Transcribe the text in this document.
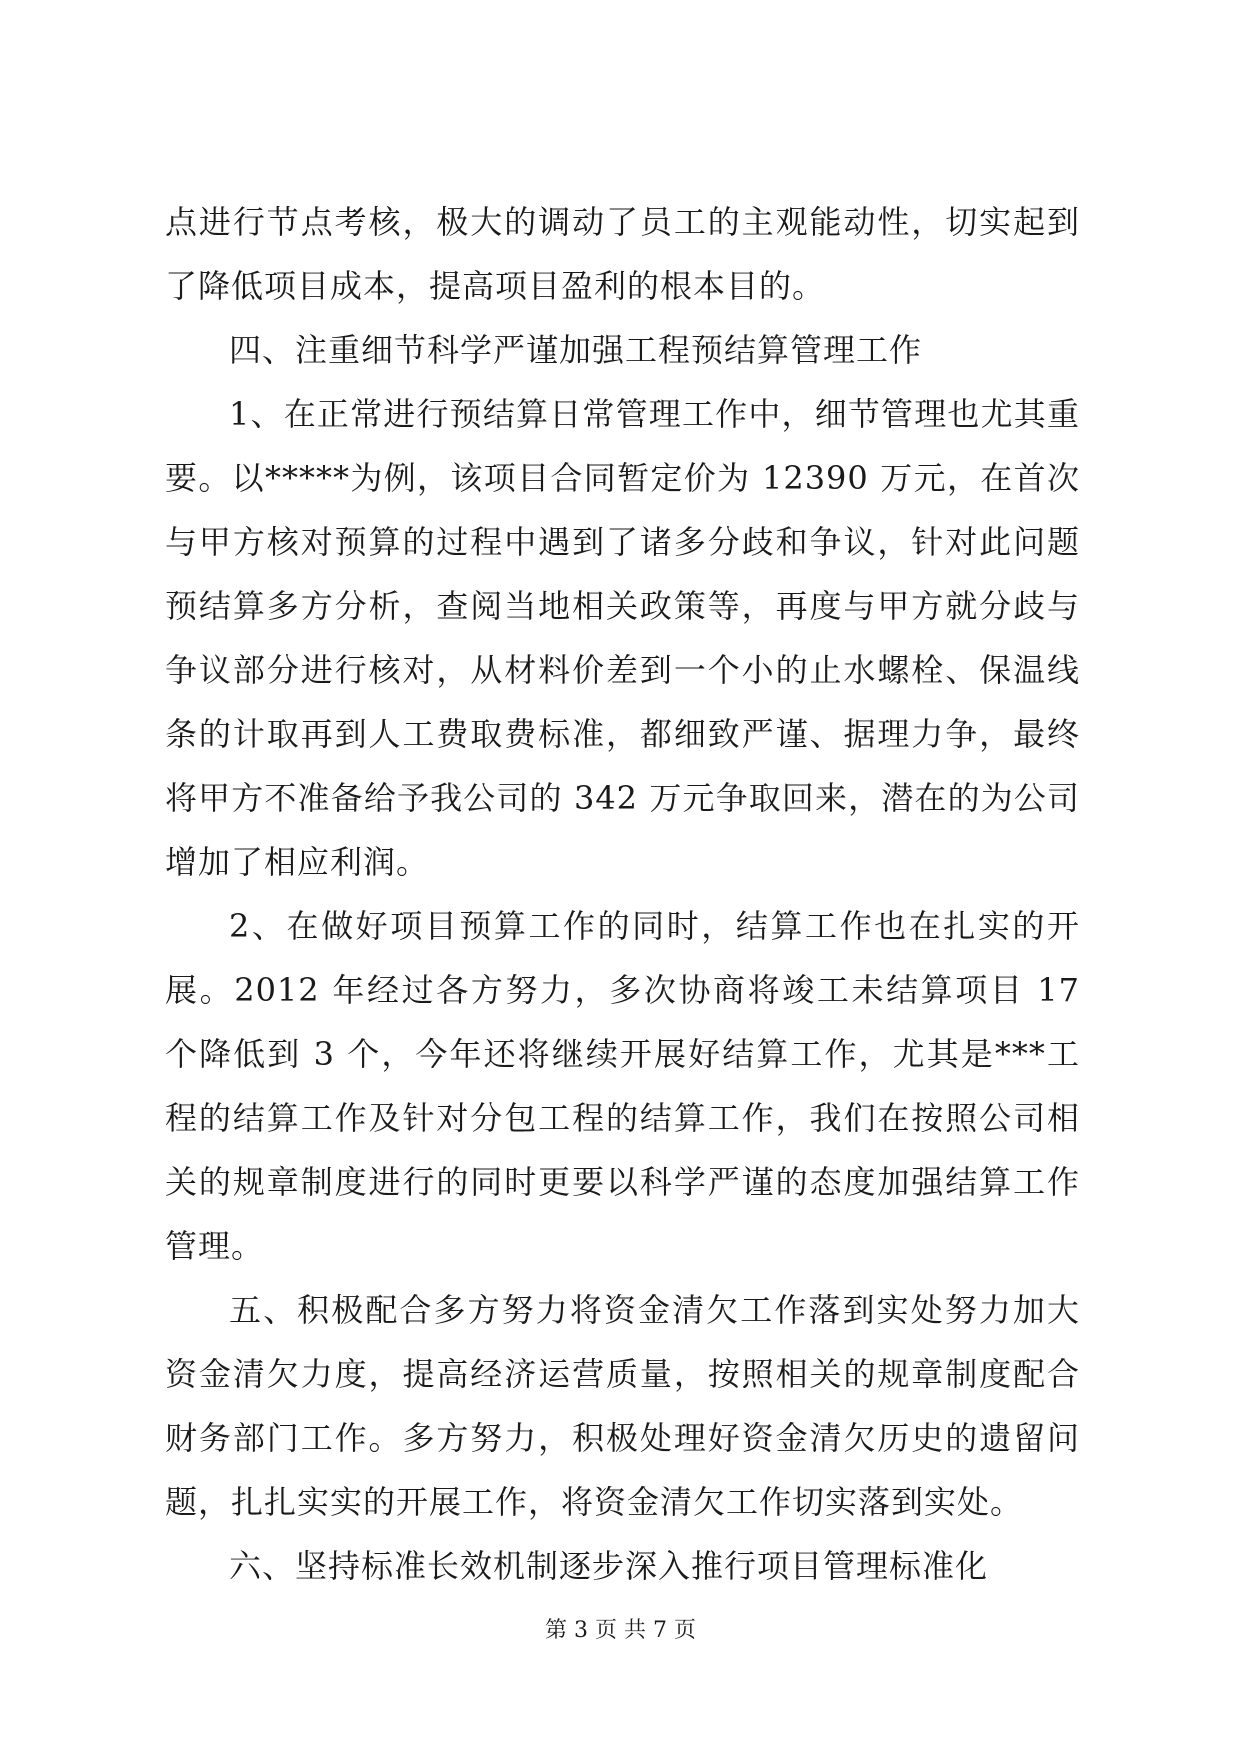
点进行节点考核，极大的调动了员工的主观能动性，切实起到了降低项目成本，提高项目盈利的根本目的。

四、注重细节科学严谨加强工程预结算管理工作

1、在正常进行预结算日常管理工作中，细节管理也尤其重要。以*****为例，该项目合同暂定价为 12390 万元，在首次与甲方核对预算的过程中遇到了诸多分歧和争议，针对此问题预结算多方分析，查阅当地相关政策等，再度与甲方就分歧与争议部分进行核对，从材料价差到一个小的止水螺栓、保温线条的计取再到人工费取费标准，都细致严谨、据理力争，最终将甲方不准备给予我公司的 342 万元争取回来，潜在的为公司增加了相应利润。

2、在做好项目预算工作的同时，结算工作也在扎实的开展。2012 年经过各方努力，多次协商将竣工未结算项目 17 个降低到 3 个，今年还将继续开展好结算工作，尤其是***工程的结算工作及针对分包工程的结算工作，我们在按照公司相关的规章制度进行的同时更要以科学严谨的态度加强结算工作管理。

五、积极配合多方努力将资金清欠工作落到实处努力加大资金清欠力度，提高经济运营质量，按照相关的规章制度配合财务部门工作。多方努力，积极处理好资金清欠历史的遗留问题，扎扎实实的开展工作，将资金清欠工作切实落到实处。

六、坚持标准长效机制逐步深入推行项目管理标准化

第 3 页 共 7 页
